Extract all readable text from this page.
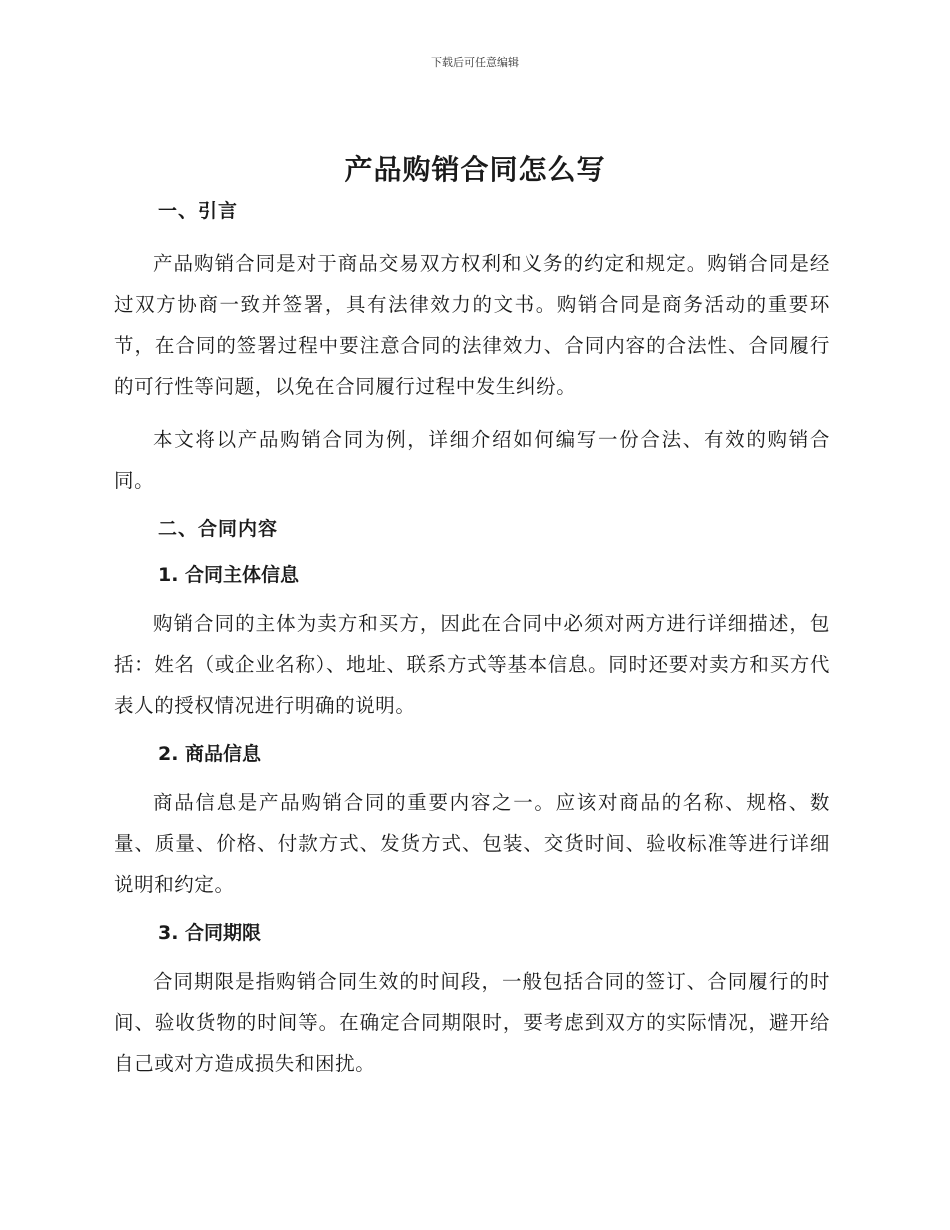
下载后可任意编辑
产品购销合同怎么写
一、引言

产品购销合同是对于商品交易双方权利和义务的约定和规定。购销合同是经过双方协商一致并签署，具有法律效力的文书。购销合同是商务活动的重要环节，在合同的签署过程中要注意合同的法律效力、合同内容的合法性、合同履行的可行性等问题，以免在合同履行过程中发生纠纷。

本文将以产品购销合同为例，详细介绍如何编写一份合法、有效的购销合同。

二、合同内容
1. 合同主体信息

购销合同的主体为卖方和买方，因此在合同中必须对两方进行详细描述，包括：姓名（或企业名称）、地址、联系方式等基本信息。同时还要对卖方和买方代表人的授权情况进行明确的说明。

2. 商品信息

商品信息是产品购销合同的重要内容之一。应该对商品的名称、规格、数量、质量、价格、付款方式、发货方式、包装、交货时间、验收标准等进行详细说明和约定。

3. 合同期限

合同期限是指购销合同生效的时间段，一般包括合同的签订、合同履行的时间、验收货物的时间等。在确定合同期限时，要考虑到双方的实际情况，避开给自己或对方造成损失和困扰。
